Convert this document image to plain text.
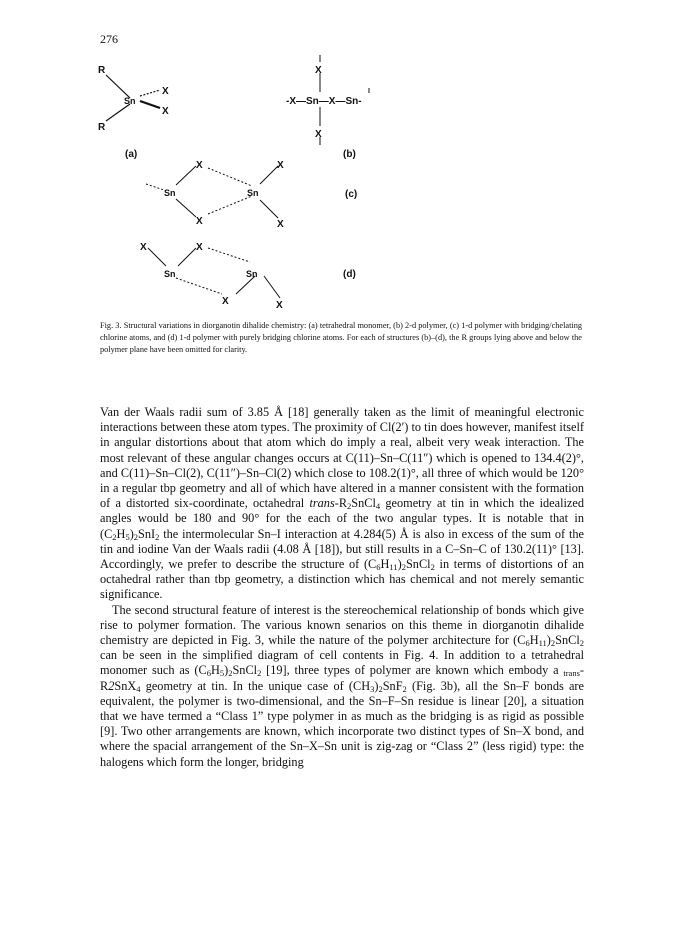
276
R
R
Sn
X
X
(a)
X
-X—Sn—X—Sn-
X
(b)
Sn	Sn
X
X
X
X
(c)
X	X
Sn	Sn
X	X
(d)
Fig. 3. Structural variations in diorganotin dihalide chemistry: (a) tetrahedral monomer, (b) 2-d polymer, (c) 1-d polymer with bridging/chelating chlorine atoms, and (d) 1-d polymer with purely bridging chlorine atoms. For each of structures (b)–(d), the R groups lying above and below the polymer plane have been omitted for clarity.

Van der Waals radii sum of 3.85 Å [18] generally taken as the limit of meaningful electronic interactions between these atom types. The proximity of Cl(2′) to tin does however, manifest itself in angular distortions about that atom which do imply a real, albeit very weak interaction. The most relevant of these angular changes occurs at C(11)–Sn–C(11″) which is opened to 134.4(2)°, and C(11)–Sn–Cl(2), C(11″)–Sn–Cl(2) which close to 108.2(1)°, all three of which would be 120° in a regular tbp geometry and all of which have altered in a manner consistent with the formation of a distorted six-coordinate, octahedral trans-$R_2SnCl_4$ geometry at tin in which the idealized angles would be 180 and 90° for the each of the two angular types. It is notable that in $(C_2H_5)_2SnI_2$ the intermolecular Sn–I interaction at 4.284(5) Å is also in excess of the sum of the tin and iodine Van der Waals radii (4.08 Å [18]), but still results in a C–Sn–C of 130.2(11)° [13]. Accordingly, we prefer to describe the structure of $(C_6H_{11})_2SnCl_2$ in terms of distortions of an octahedral rather than tbp geometry, a distinction which has chemical and not merely semantic significance.

The second structural feature of interest is the stereochemical relationship of bonds which give rise to polymer formation. The various known senarios on this theme in diorganotin dihalide chemistry are depicted in Fig. 3, while the nature of the polymer architecture for $(C_6H_{11})_2SnCl_2$ can be seen in the simplified diagram of cell contents in Fig. 4. In addition to a tetrahedral monomer such as $(C_6H_5)_2SnCl_2$ [19], three types of polymer are known which embody a $_{trans}$-R2SnX$_4$ geometry at tin. In the unique case of $(CH_3)_2SnF_2$ (Fig. 3b), all the Sn–F bonds are equivalent, the polymer is two-dimensional, and the Sn–F–Sn residue is linear [20], a situation that we have termed a “Class 1” type polymer in as much as the bridging is as rigid as possible [9]. Two other arrangements are known, which incorporate two distinct types of Sn–X bond, and where the spacial arrangement of the Sn–X–Sn unit is zig-zag or “Class 2” (less rigid) type: the halogens which form the longer, bridging
